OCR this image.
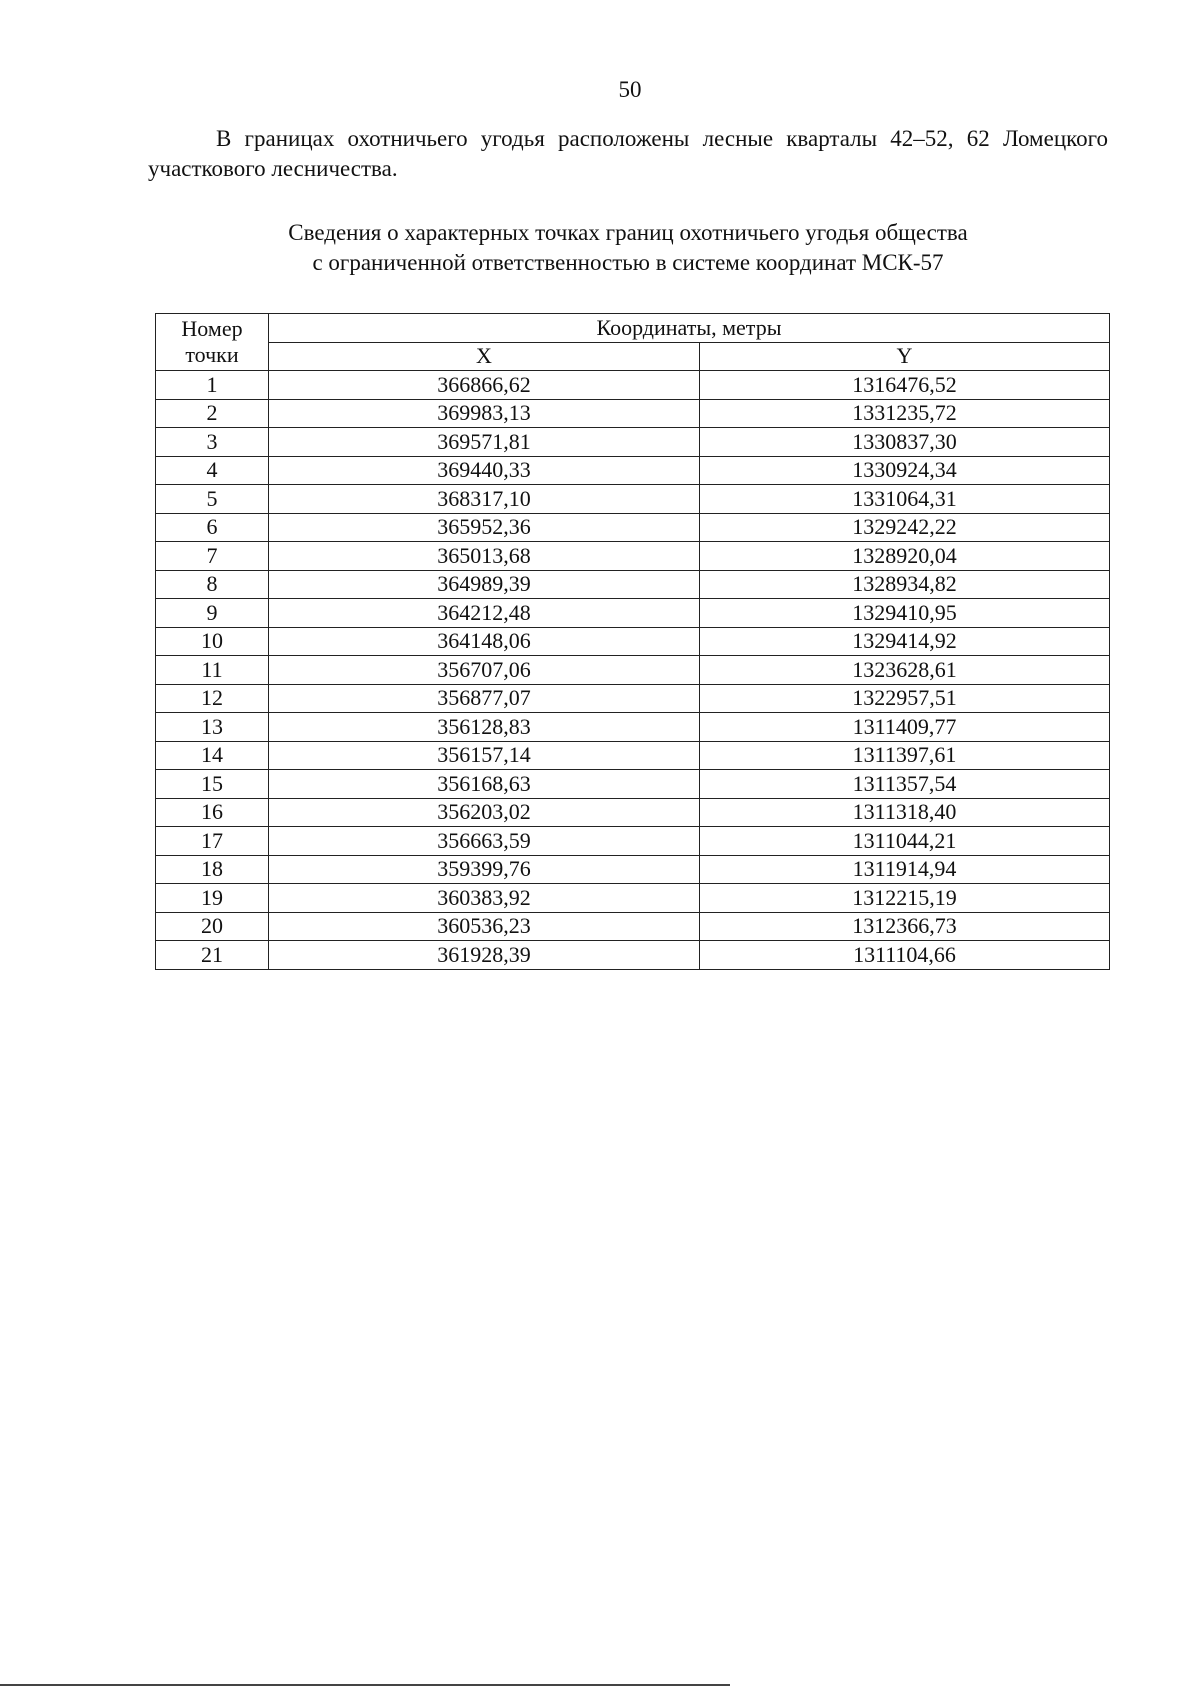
50

В границах охотничьего угодья расположены лесные кварталы 42–52, 62 Ломецкого участкового лесничества.

Сведения о характерных точках границ охотничьего угодья общества
с ограниченной ответственностью в системе координат МСК-57
Номер точки	Координаты, метры	
	X	Y
1	366866,62	1316476,52
2	369983,13	1331235,72
3	369571,81	1330837,30
4	369440,33	1330924,34
5	368317,10	1331064,31
6	365952,36	1329242,22
7	365013,68	1328920,04
8	364989,39	1328934,82
9	364212,48	1329410,95
10	364148,06	1329414,92
11	356707,06	1323628,61
12	356877,07	1322957,51
13	356128,83	1311409,77
14	356157,14	1311397,61
15	356168,63	1311357,54
16	356203,02	1311318,40
17	356663,59	1311044,21
18	359399,76	1311914,94
19	360383,92	1312215,19
20	360536,23	1312366,73
21	361928,39	1311104,66
